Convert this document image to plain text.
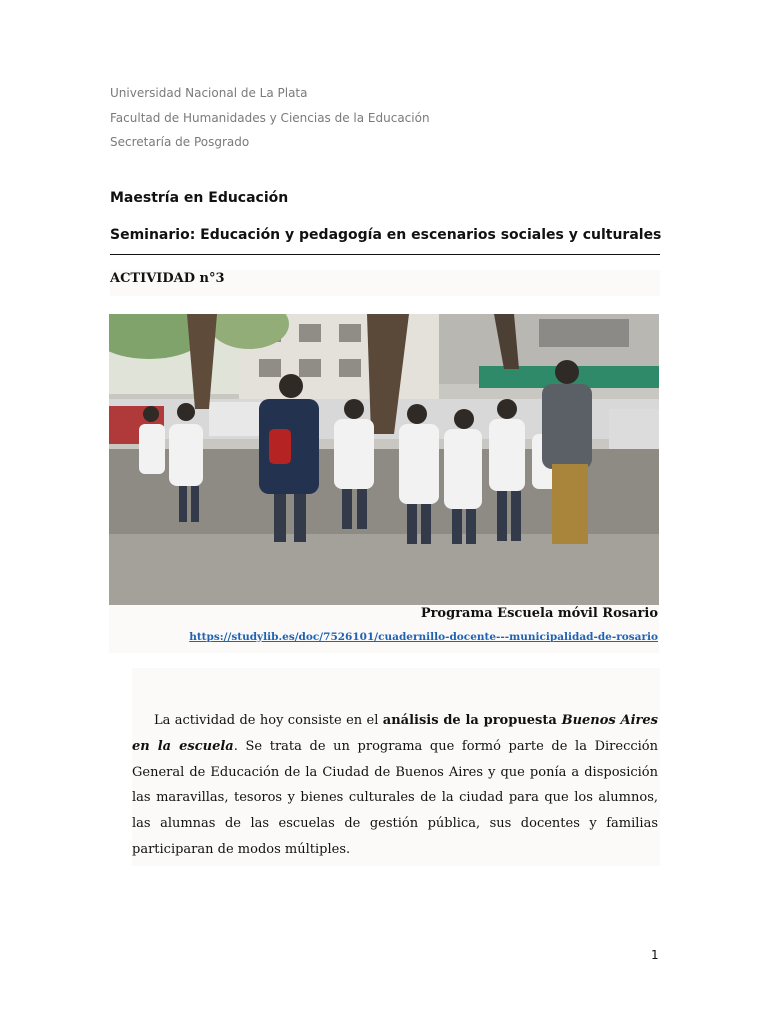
Universidad Nacional de La Plata
Facultad de Humanidades y Ciencias de la Educación
Secretaría de Posgrado
Maestría en Educación
Seminario: Educación y pedagogía en escenarios sociales y culturales
ACTIVIDAD n°3
Programa Escuela móvil Rosario
https://studylib.es/doc/7526101/cuadernillo-docente---municipalidad-de-rosario
La actividad de hoy consiste en el análisis de la propuesta Buenos Aires en la escuela. Se trata de un programa que formó parte de la Dirección General de Educación de la Ciudad de Buenos Aires y que ponía a disposición las maravillas, tesoros y bienes culturales de la ciudad para que los alumnos, las alumnas de las escuelas de gestión pública, sus docentes y familias participaran de modos múltiples.
1
